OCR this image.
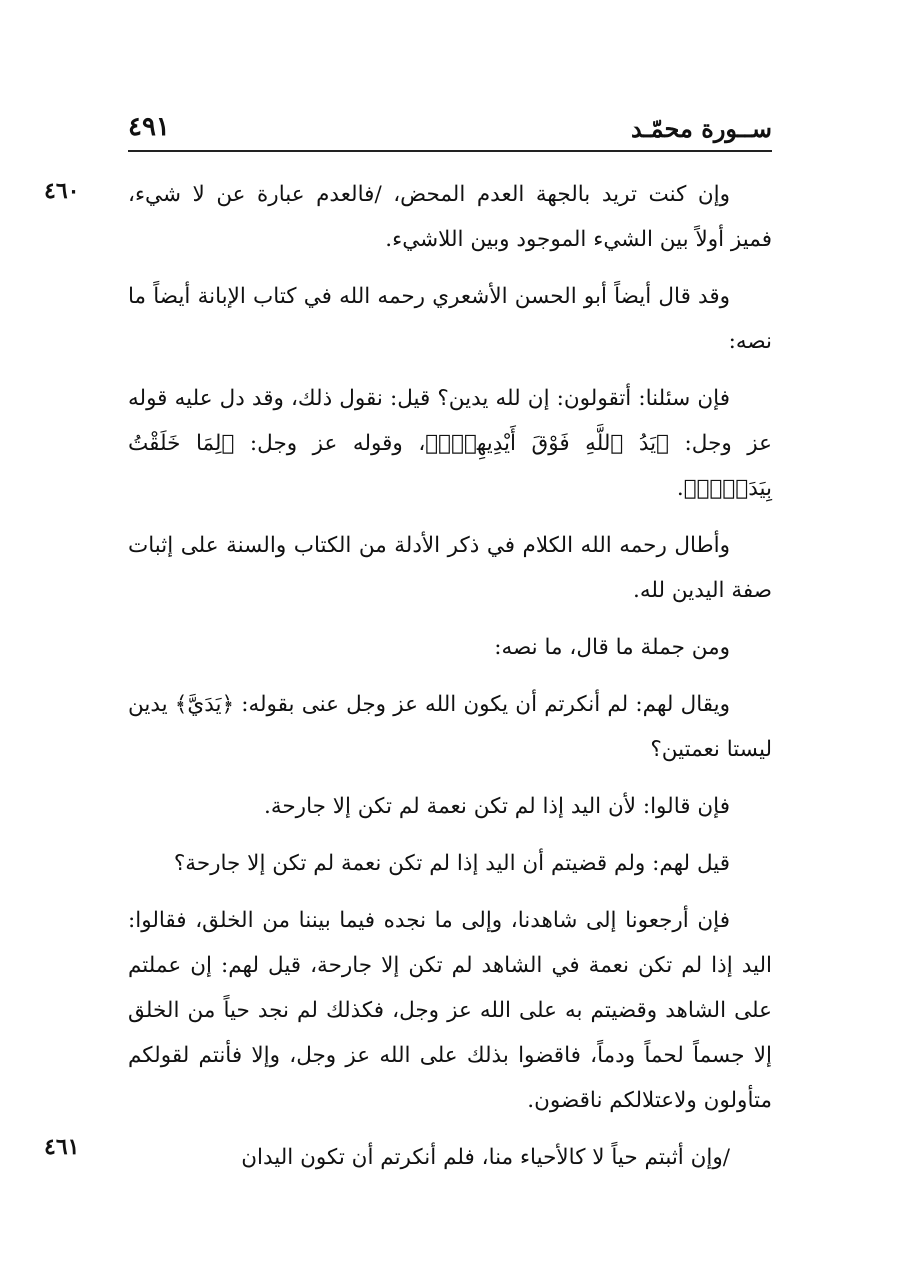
ســورة محمّـد
٤٩١
٤٦٠
٤٦١

وإن كنت تريد بالجهة العدم المحض، /فالعدم عبارة عن لا شيء، فميز أولاً بين الشيء الموجود وبين اللاشيء.

وقد قال أيضاً أبو الحسن الأشعري رحمه الله في كتاب الإبانة أيضاً ما نصه:

فإن سئلنا: أتقولون: إن لله يدين؟ قيل: نقول ذلك، وقد دل عليه قوله عز وجل: ﴿يَدُ ٱللَّهِ فَوْقَ أَيْدِيهِمْۚ﴾، وقوله عز وجل: ﴿لِمَا خَلَقْتُ بِيَدَيَّۖ﴾.

وأطال رحمه الله الكلام في ذكر الأدلة من الكتاب والسنة على إثبات صفة اليدين لله.

ومن جملة ما قال، ما نصه:

ويقال لهم: لم أنكرتم أن يكون الله عز وجل عنى بقوله: ﴿يَدَيَّ﴾ يدين ليستا نعمتين؟

فإن قالوا: لأن اليد إذا لم تكن نعمة لم تكن إلا جارحة.

قيل لهم: ولم قضيتم أن اليد إذا لم تكن نعمة لم تكن إلا جارحة؟

فإن أرجعونا إلى شاهدنا، وإلى ما نجده فيما بيننا من الخلق، فقالوا: اليد إذا لم تكن نعمة في الشاهد لم تكن إلا جارحة، قيل لهم: إن عملتم على الشاهد وقضيتم به على الله عز وجل، فكذلك لم نجد حياً من الخلق إلا جسماً لحماً ودماً، فاقضوا بذلك على الله عز وجل، وإلا فأنتم لقولكم متأولون ولاعتلالكم ناقضون.

/وإن أثبتم حياً لا كالأحياء منا، فلم أنكرتم أن تكون اليدان
